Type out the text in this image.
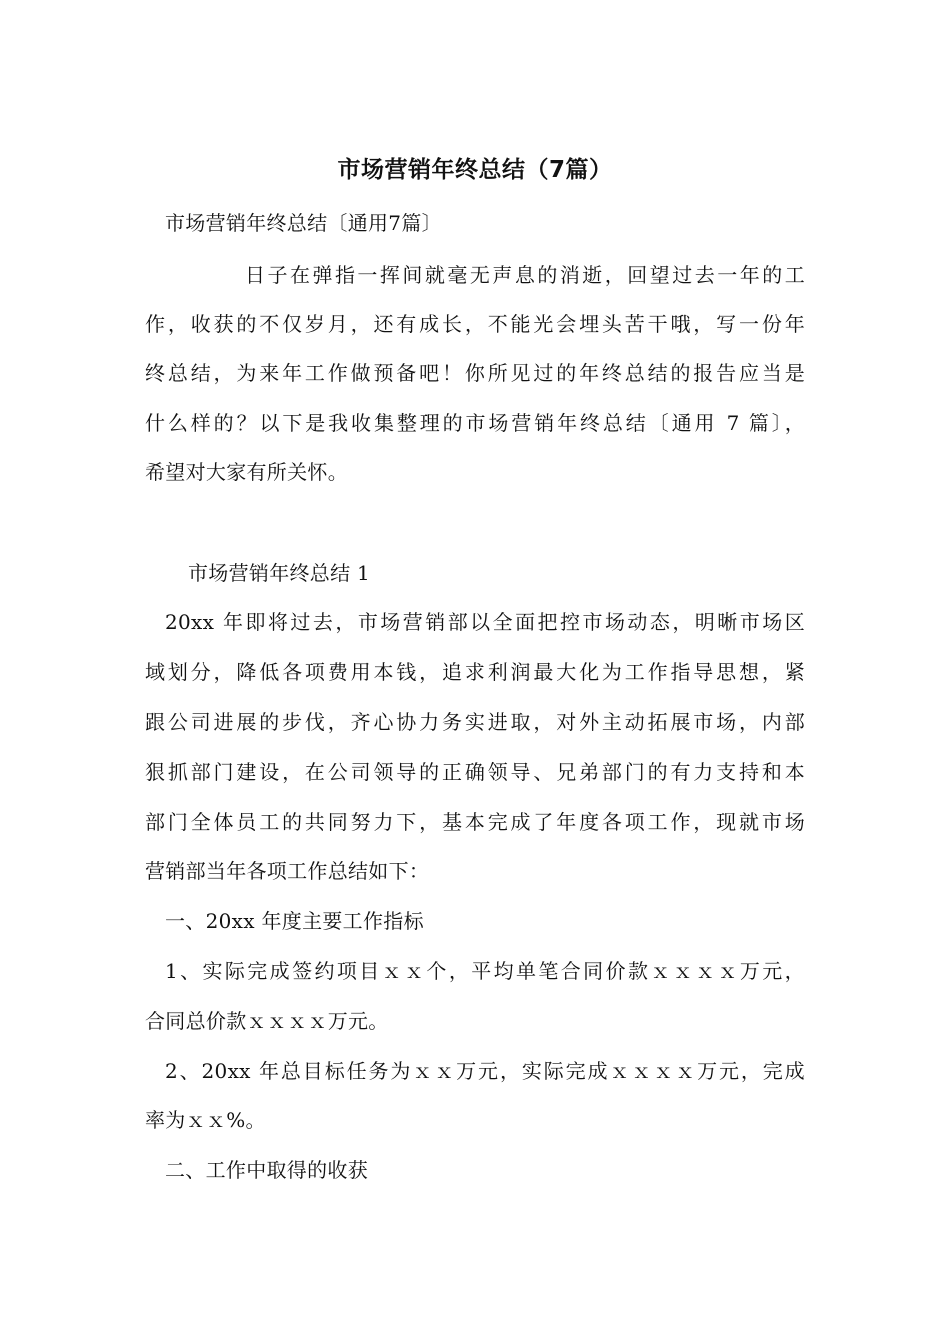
市场营销年终总结（7篇）
市场营销年终总结〔通用7篇〕
日子在弹指一挥间就毫无声息的消逝，回望过去一年的工
作，收获的不仅岁月，还有成长，不能光会埋头苦干哦，写一份年
终总结，为来年工作做预备吧！你所见过的年终总结的报告应当是
什么样的？以下是我收集整理的市场营销年终总结〔通用 7 篇〕，
希望对大家有所关怀。
市场营销年终总结 1
20xx 年即将过去，市场营销部以全面把控市场动态，明晰市场区
域划分，降低各项费用本钱，追求利润最大化为工作指导思想，紧
跟公司进展的步伐，齐心协力务实进取，对外主动拓展市场，内部
狠抓部门建设，在公司领导的正确领导、兄弟部门的有力支持和本
部门全体员工的共同努力下，基本完成了年度各项工作，现就市场
营销部当年各项工作总结如下：
一、20xx 年度主要工作指标
1、实际完成签约项目ｘｘ个，平均单笔合同价款ｘｘｘｘ万元，
合同总价款ｘｘｘｘ万元。
2、20xx 年总目标任务为ｘｘ万元，实际完成ｘｘｘｘ万元，完成
率为ｘｘ%。
二、工作中取得的收获
